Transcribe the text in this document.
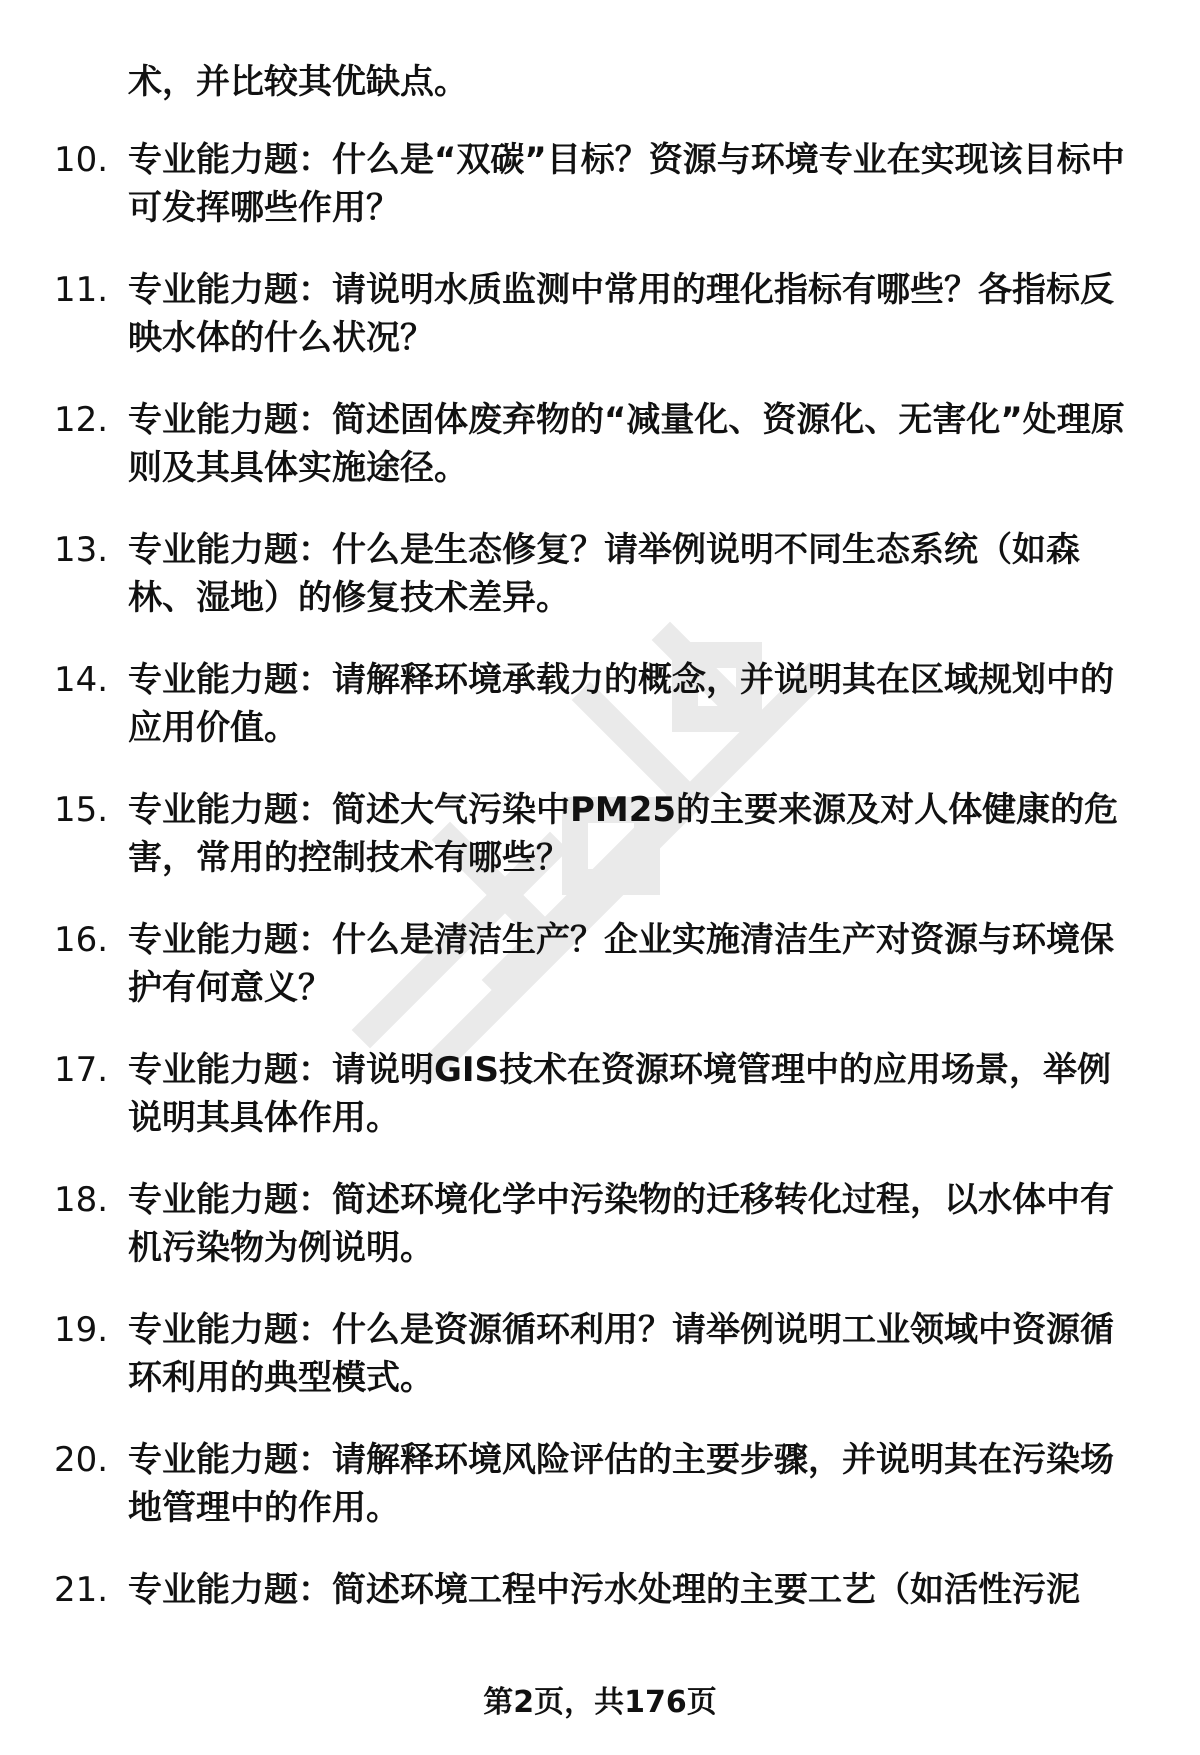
术，并比较其优缺点。
10. 专业能力题：什么是“双碳”目标？资源与环境专业在实现该目标中可发挥哪些作用？
11. 专业能力题：请说明水质监测中常用的理化指标有哪些？各指标反映水体的什么状况？
12. 专业能力题：简述固体废弃物的“减量化、资源化、无害化”处理原则及其具体实施途径。
13. 专业能力题：什么是生态修复？请举例说明不同生态系统（如森林、湿地）的修复技术差异。
14. 专业能力题：请解释环境承载力的概念，并说明其在区域规划中的应用价值。
15. 专业能力题：简述大气污染中PM25的主要来源及对人体健康的危害，常用的控制技术有哪些？
16. 专业能力题：什么是清洁生产？企业实施清洁生产对资源与环境保护有何意义？
17. 专业能力题：请说明GIS技术在资源环境管理中的应用场景，举例说明其具体作用。
18. 专业能力题：简述环境化学中污染物的迁移转化过程，以水体中有机污染物为例说明。
19. 专业能力题：什么是资源循环利用？请举例说明工业领域中资源循环利用的典型模式。
20. 专业能力题：请解释环境风险评估的主要步骤，并说明其在污染场地管理中的作用。
21. 专业能力题：简述环境工程中污水处理的主要工艺（如活性污泥
第2页，共176页
